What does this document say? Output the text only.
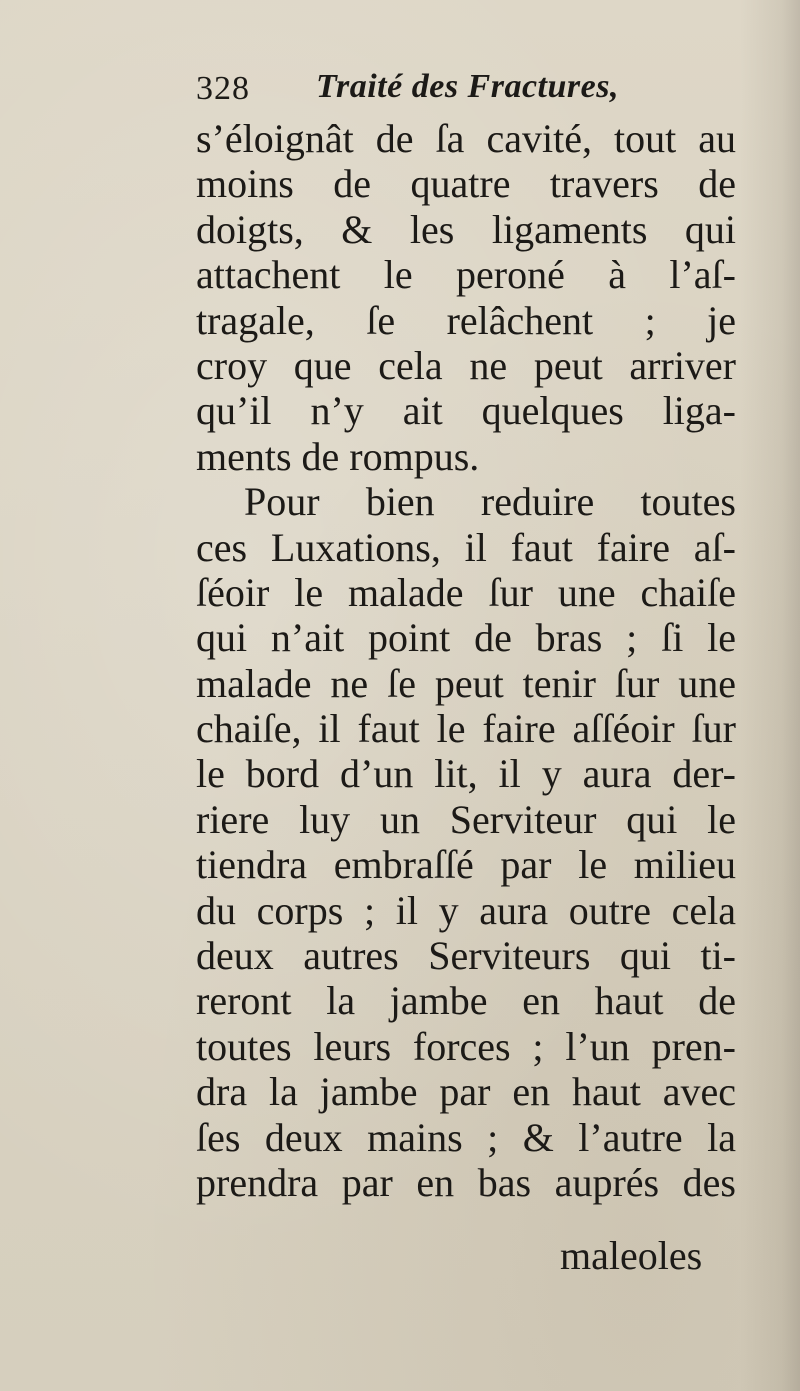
328 Traité des Fractures,
s’éloignât de ſa cavité, tout au
moins de quatre travers de
doigts, & les ligaments qui
attachent le peroné à l’aſ-
tragale, ſe relâchent ; je
croy que cela ne peut arriver
qu’il n’y ait quelques liga-
ments de rompus.
Pour bien reduire toutes
ces Luxations, il faut faire aſ-
ſéoir le malade ſur une chaiſe
qui n’ait point de bras ; ſi le
malade ne ſe peut tenir ſur une
chaiſe, il faut le faire aſſéoir ſur
le bord d’un lit, il y aura der-
riere luy un Serviteur qui le
tiendra embraſſé par le milieu
du corps ; il y aura outre cela
deux autres Serviteurs qui ti-
reront la jambe en haut de
toutes leurs forces ; l’un pren-
dra la jambe par en haut avec
ſes deux mains ; & l’autre la
prendra par en bas auprés des
maleoles
